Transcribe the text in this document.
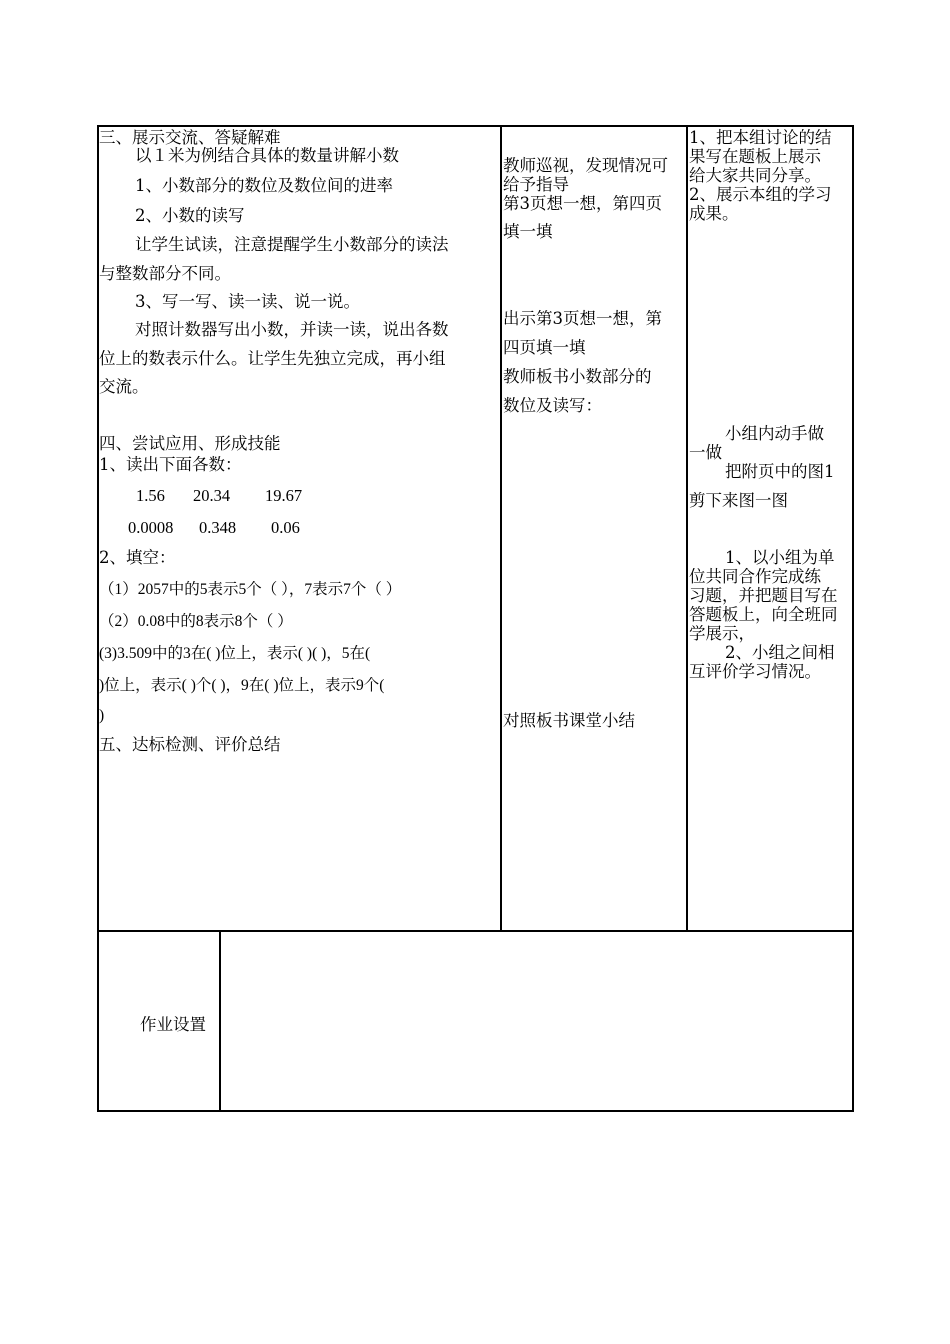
三、展示交流、答疑解难
以１米为例结合具体的数量讲解小数
1、小数部分的数位及数位间的进率
2、小数的读写
让学生试读，注意提醒学生小数部分的读法
与整数部分不同。
3、写一写、读一读、说一说。
对照计数器写出小数，并读一读，说出各数
位上的数表示什么。让学生先独立完成，再小组
交流。
四、尝试应用、形成技能
1、读出下面各数：
1.56 20.34 19.67
0.0008 0.348 0.06
2、填空：
（1）2057中的5表示5个（ ），7表示7个（ ）
（2）0.08中的8表示8个（ ）
(3)3.509中的3在( )位上，表示( )( )，5在(
)位上，表示( )个( )，9在( )位上，表示9个(
)
五、达标检测、评价总结
教师巡视，发现情况可
给予指导
第3页想一想，第四页
填一填
出示第3页想一想，第
四页填一填
教师板书小数部分的
数位及读写：
对照板书课堂小结
1、把本组讨论的结
果写在题板上展示
给大家共同分享。
2、展示本组的学习
成果。
小组内动手做
一做
把附页中的图1
剪下来图一图
1、以小组为单
位共同合作完成练
习题，并把题目写在
答题板上，向全班同
学展示，
2、小组之间相
互评价学习情况。
作业设置
